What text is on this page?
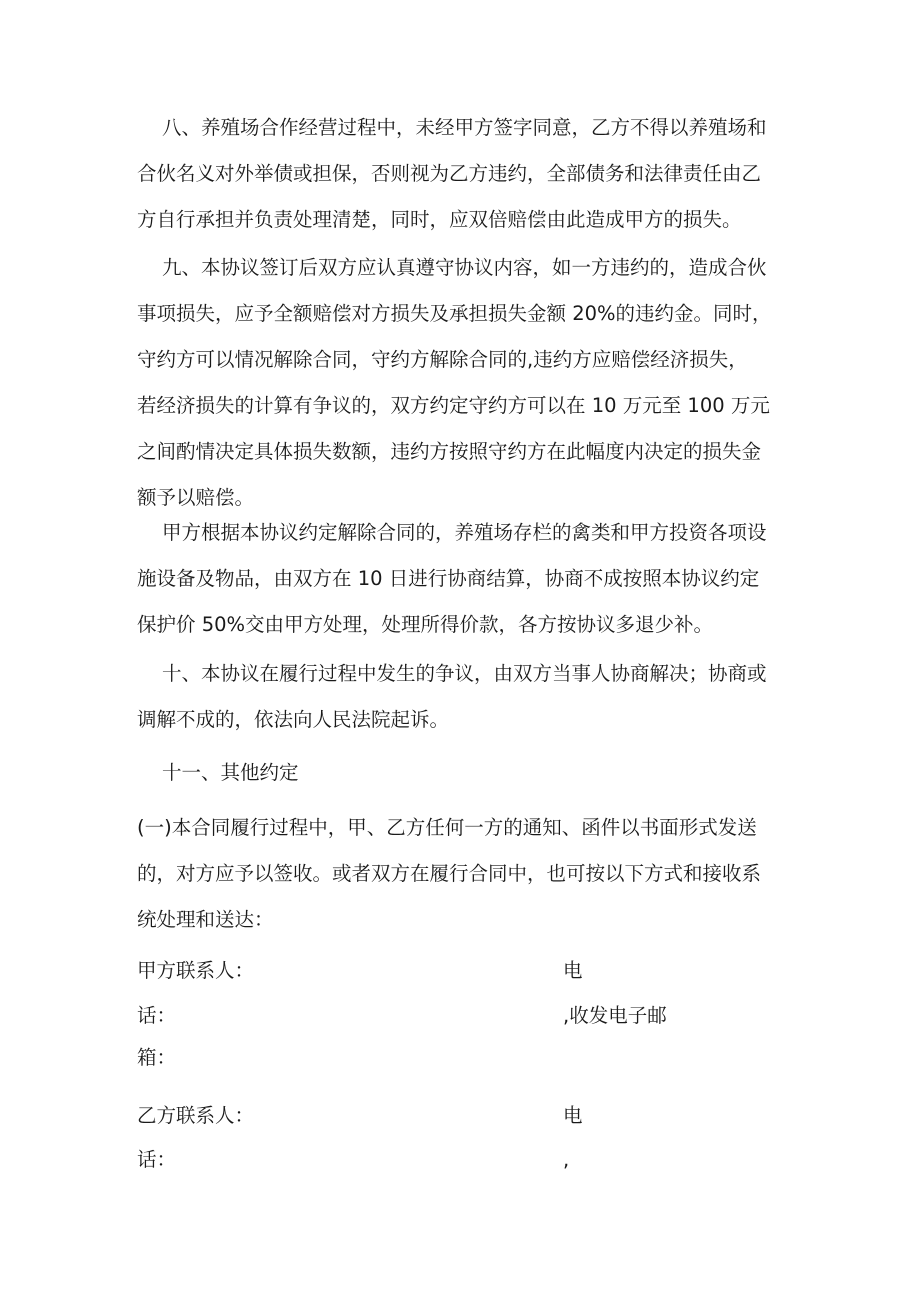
八、养殖场合作经营过程中，未经甲方签字同意，乙方不得以养殖场和
合伙名义对外举债或担保，否则视为乙方违约，全部债务和法律责任由乙
方自行承担并负责处理清楚，同时，应双倍赔偿由此造成甲方的损失。
九、本协议签订后双方应认真遵守协议内容，如一方违约的，造成合伙
事项损失，应予全额赔偿对方损失及承担损失金额 20%的违约金。同时，
守约方可以情况解除合同，守约方解除合同的,违约方应赔偿经济损失，
若经济损失的计算有争议的，双方约定守约方可以在 10 万元至 100 万元
之间酌情决定具体损失数额，违约方按照守约方在此幅度内决定的损失金
额予以赔偿。
甲方根据本协议约定解除合同的，养殖场存栏的禽类和甲方投资各项设
施设备及物品，由双方在 10 日进行协商结算，协商不成按照本协议约定
保护价 50%交由甲方处理，处理所得价款，各方按协议多退少补。
十、本协议在履行过程中发生的争议，由双方当事人协商解决；协商或
调解不成的，依法向人民法院起诉。
十一、其他约定
(一)本合同履行过程中，甲、乙方任何一方的通知、函件以书面形式发送
的，对方应予以签收。或者双方在履行合同中，也可按以下方式和接收系
统处理和送达：
甲方联系人：	电
话：	,收发电子邮
箱：
乙方联系人：	电
话：	,
